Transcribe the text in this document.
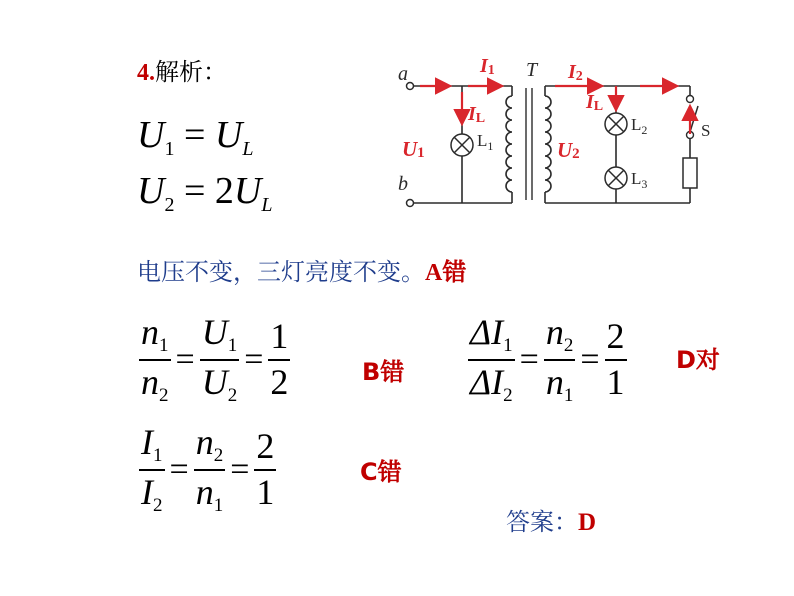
4.解析：
$U_1 = U_L$
$U_2 = 2U_L$
a
b
T
I1	I2
IL
IL
U1	U2
$L_1$
$L_2$
$L_3$
S
电压不变，三灯亮度不变。A错
$\frac{n_1}{n_2} = \frac{U_1}{U_2} = \frac{1}{2}$	B错 $\frac{\Delta I_1}{\Delta I_2} = \frac{n_2}{n_1} = \frac{2}{1}$ D对
$\frac{I_1}{I_2} = \frac{n_2}{n_1} = \frac{2}{1}$	C错
答案：D
